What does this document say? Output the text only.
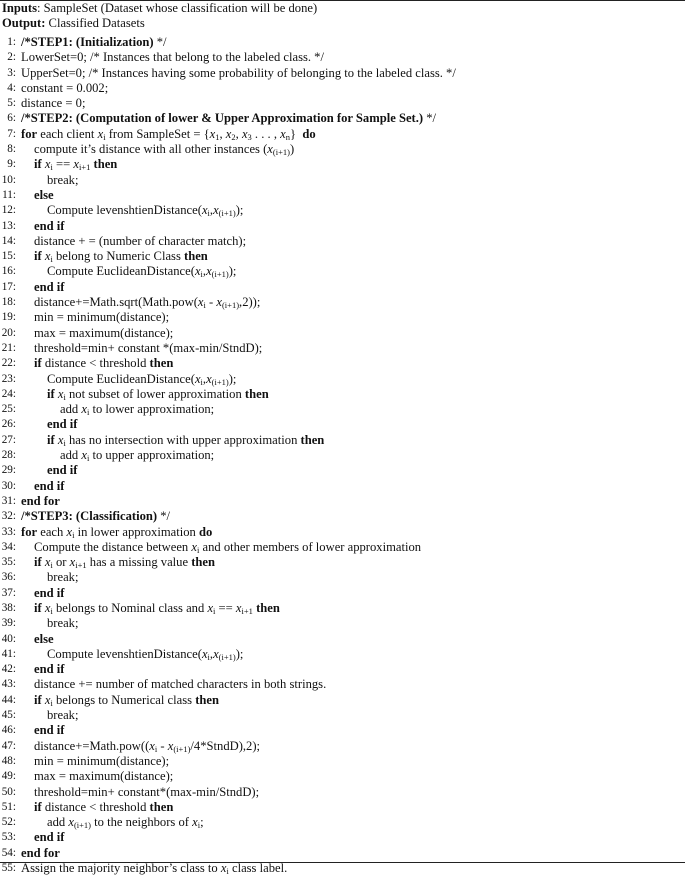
Inputs: SampleSet (Dataset whose classification will be done)
Output: Classified Datasets
1: /*STEP1: (Initialization) */
2: LowerSet=0; /* Instances that belong to the labeled class. */
3: UpperSet=0; /* Instances having some probability of belonging to the labeled class. */
4: constant = 0.002;
5: distance = 0;
6: /*STEP2: (Computation of lower & Upper Approximation for Sample Set.) */
7: for each client $x_i$ from SampleSet = {$x_1$, $x_2$, $x_3$ . . . , $x_n$}  do
8: compute it’s distance with all other instances $(x_{(i+1)})$
9: if $x_i == x_{i+1}$ then
10: break;
11: else
12: Compute $levenshtienDistance(x_i,x_{(i+1)})$;
13: end if
14: distance + = (number of character match);
15: if $x_i$ belong to Numeric Class then
16: Compute $EuclideanDistance(x_i,x_{(i+1)})$;
17: end if
18: $distance+=Math.sqrt(Math.pow(x_i - x_{(i+1)},2))$;
19: min = minimum(distance);
20: max = maximum(distance);
21: threshold=min+ constant *(max-min/StndD);
22: if distance < threshold then
23: Compute $EuclideanDistance(x_i,x_{(i+1)})$;
24: if $x_i$ not subset of lower approximation then
25:	add $x_i$ to lower approximation;
26: end if
27: if $x_i$ has no intersection with upper approximation then
28:	add $x_i$ to upper approximation;
29: end if
30: end if
31: end for
32: /*STEP3: (Classification) */
33: for each $x_i$ in lower approximation do
34: Compute the distance between $x_i$ and other members of lower approximation
35: if $x_i$ or $x_{i+1}$ has a missing value then
36: break;
37: end if
38: if $x_i$ belongs to Nominal class and $x_i == x_{i+1}$ then
39: break;
40: else
41: Compute $levenshtienDistance(x_i,x_{(i+1)})$;
42: end if
43: distance += number of matched characters in both strings.
44: if $x_i$ belongs to Numerical class then
45: break;
46: end if
47: $distance+=Math.pow((x_i$ - $x_{(i+1)}/4*StndD),2$);
48: min = minimum(distance);
49: max = maximum(distance);
50: threshold=min+ constant*(max-min/StndD);
51: if distance < threshold then
52: add $x_{(i+1)}$ to the neighbors of $x_i$;
53: end if
54: end for
55: Assign the majority neighbor’s class to $x_i$ class label.
